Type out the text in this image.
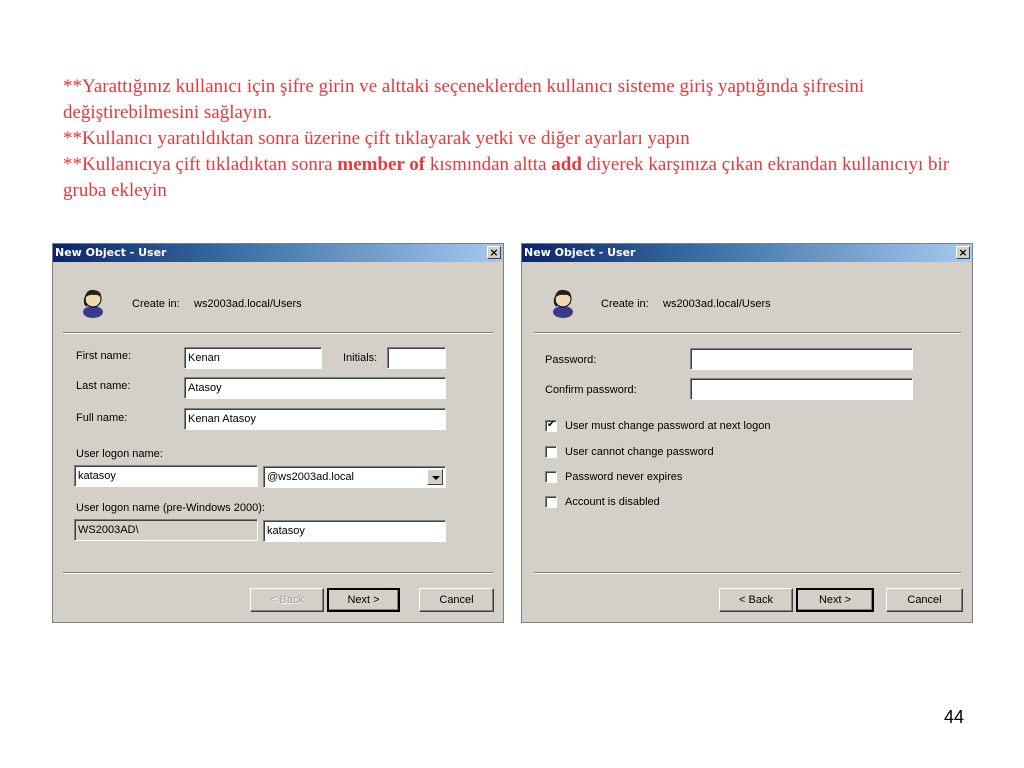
**Yarattığınız kullanıcı için şifre girin ve alttaki seçeneklerden kullanıcı sisteme giriş yaptığında şifresini değiştirebilmesini sağlayın.

**Kullanıcı yaratıldıktan sonra üzerine çift tıklayarak yetki ve diğer ayarları yapın

**Kullanıcıya çift tıkladıktan sonra member of kısmından altta add diyerek karşınıza çıkan ekrandan kullanıcıyı bir gruba ekleyin

New Object - User	×
Create in: ws2003ad.local/Users
First name:	Kenan	Initials:
Last name:	Atasoy
Full name:	Kenan Atasoy
User logon name:
katasoy	@ws2003ad.local
User logon name (pre-Windows 2000):
WS2003AD\	katasoy
< Back	Next >	Cancel
New Object - User	×
Create in: ws2003ad.local/Users
Password:
Confirm password:
✔
User must change password at next logon
User cannot change password
Password never expires
Account is disabled
< Back	Next >	Cancel
44
